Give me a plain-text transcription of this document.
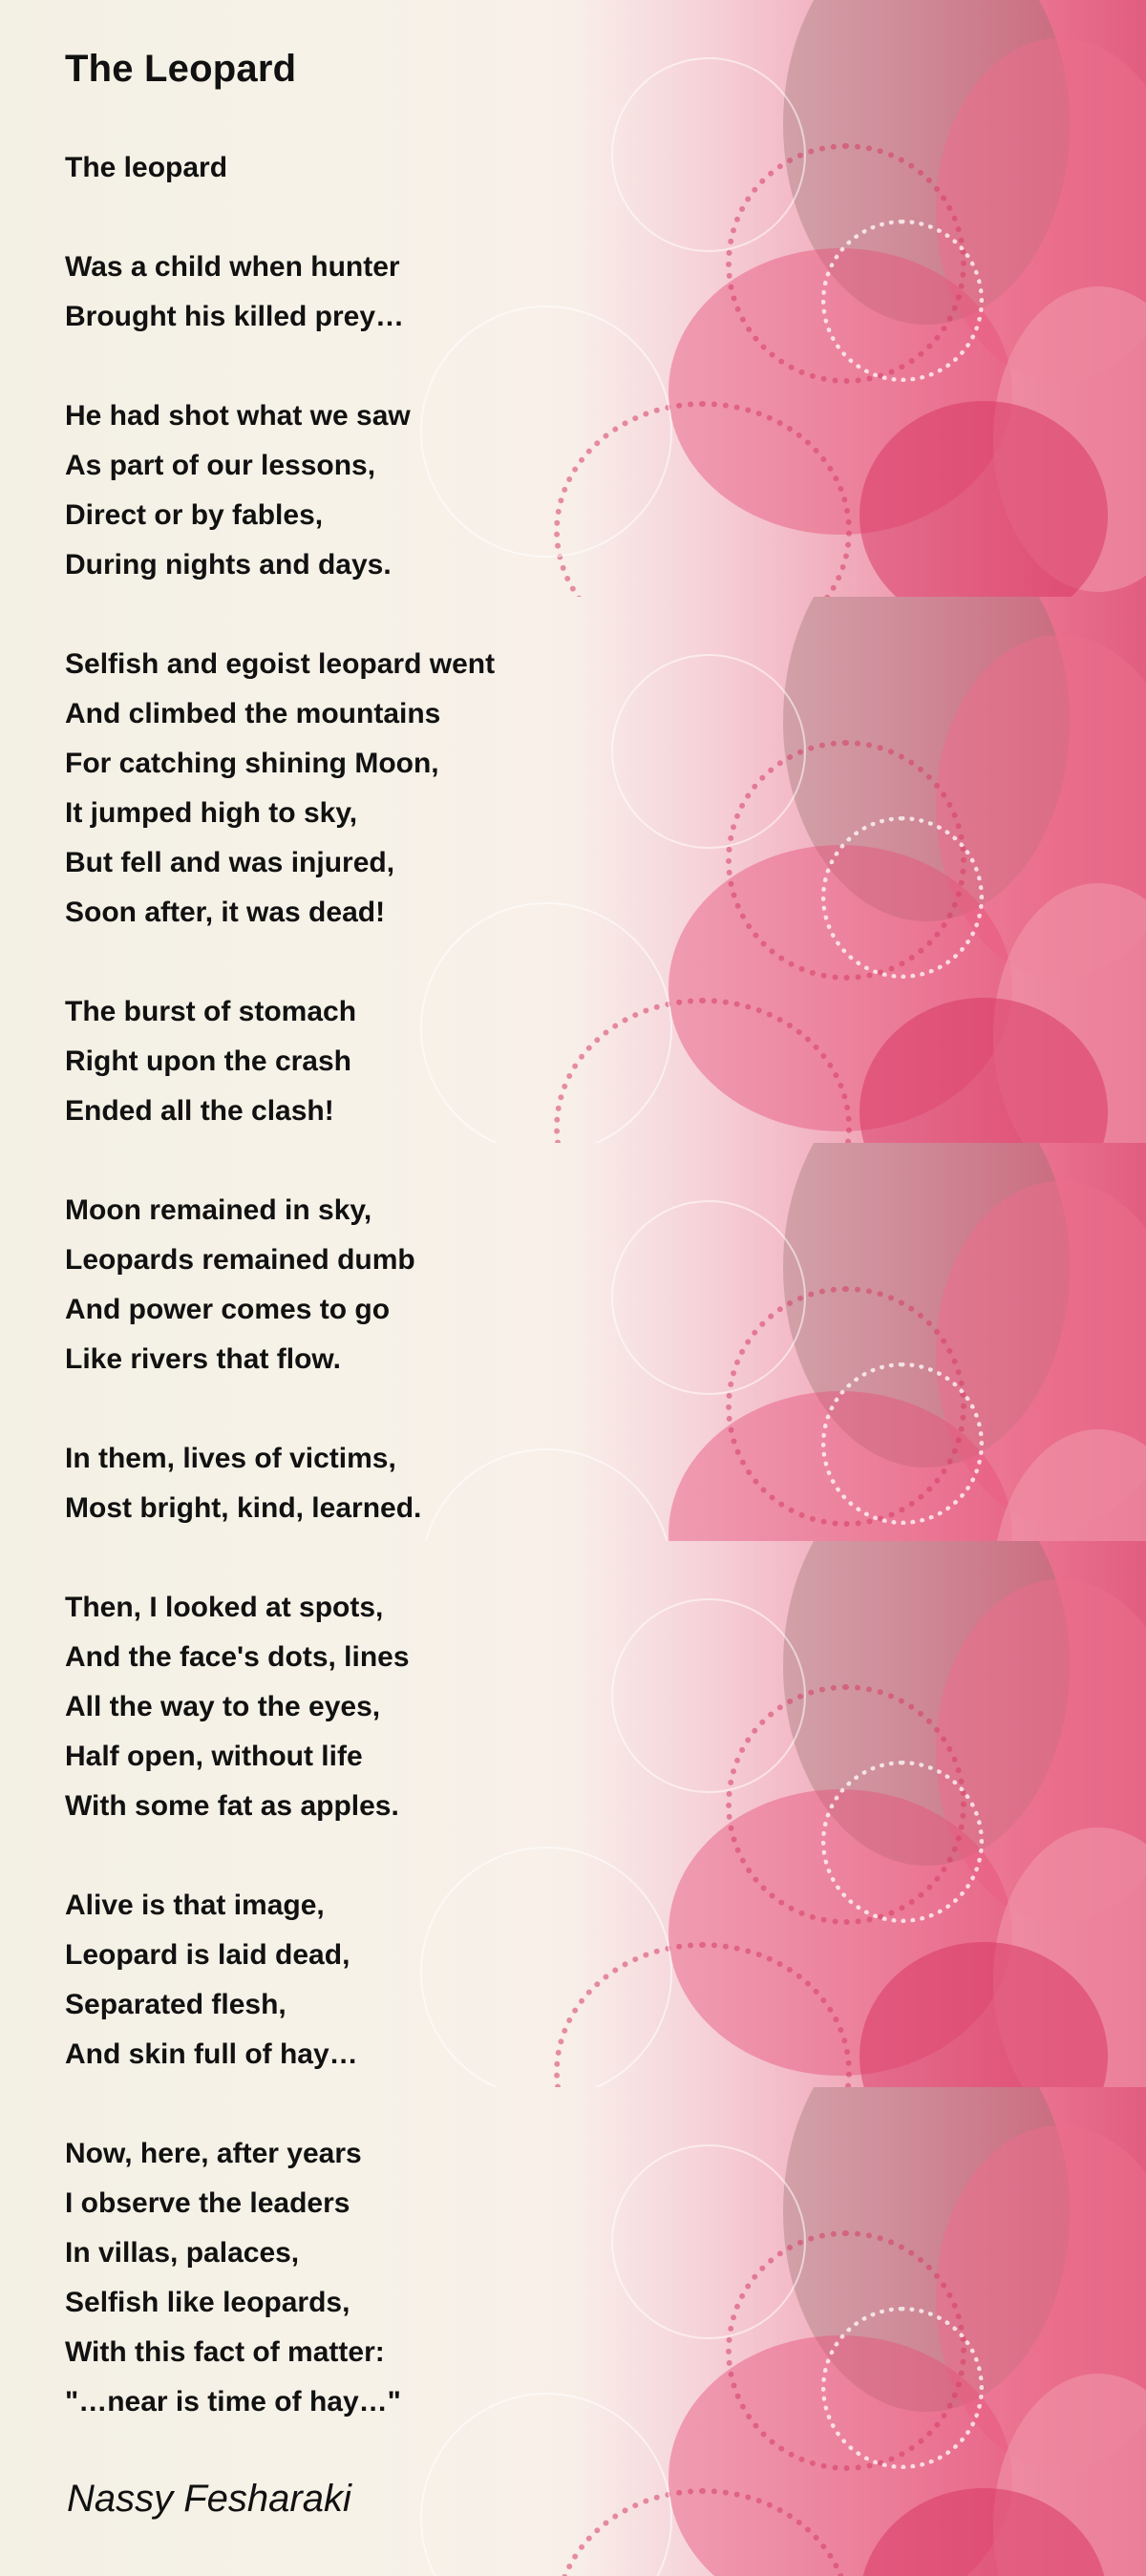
The Leopard
The leopard
Was a child when hunter
Brought his killed prey…
He had shot what we saw
As part of our lessons,
Direct or by fables,
During nights and days.
Selfish and egoist leopard went
And climbed the mountains
For catching shining Moon,
It jumped high to sky,
But fell and was injured,
Soon after, it was dead!
The burst of stomach
Right upon the crash
Ended all the clash!
Moon remained in sky,
Leopards remained dumb
And power comes to go
Like rivers that flow.
In them, lives of victims,
Most bright, kind, learned.
Then, I looked at spots,
And the face's dots, lines
All the way to the eyes,
Half open, without life
With some fat as apples.
Alive is that image,
Leopard is laid dead,
Separated flesh,
And skin full of hay…
Now, here, after years
I observe the leaders
In villas, palaces,
Selfish like leopards,
With this fact of matter:
"…near is time of hay…"
Nassy Fesharaki
